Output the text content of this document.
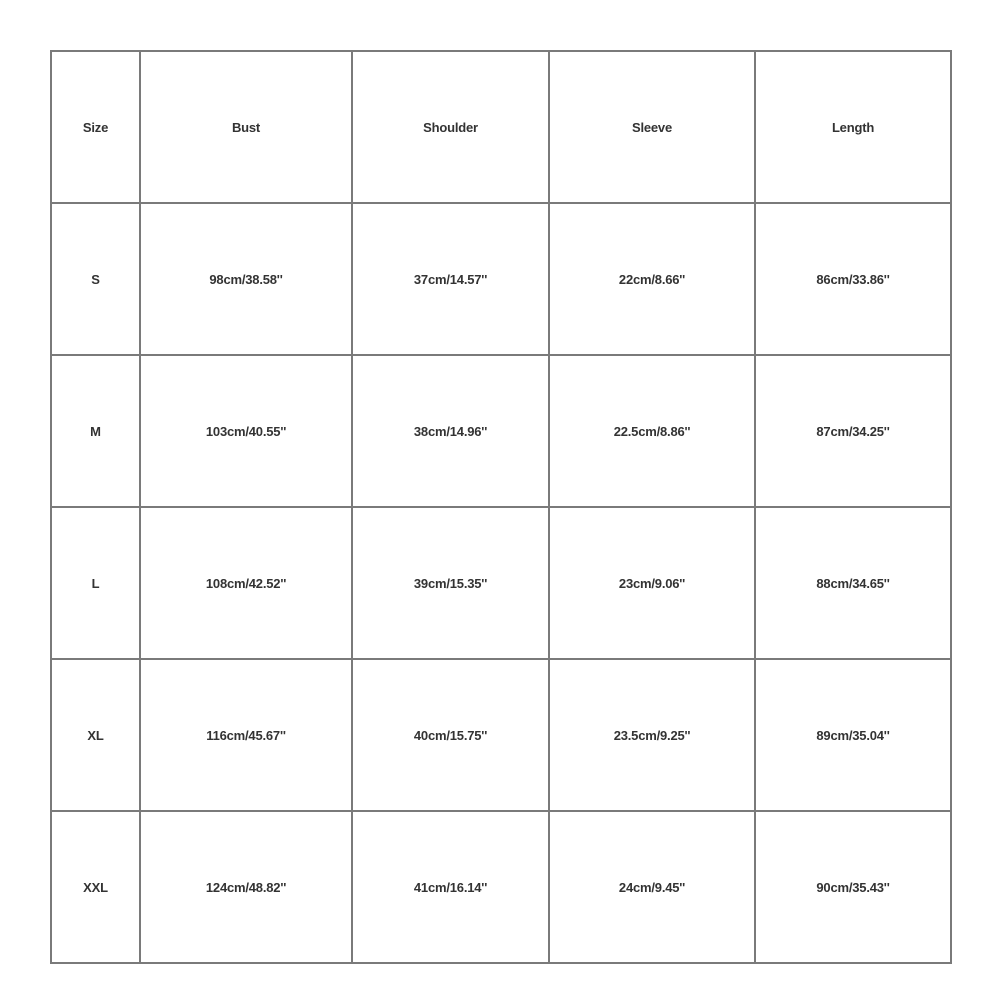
Size	Bust	Shoulder	Sleeve	Length
S	98cm/38.58''	37cm/14.57''	22cm/8.66''	86cm/33.86''
M	103cm/40.55''	38cm/14.96''	22.5cm/8.86''	87cm/34.25''
L	108cm/42.52''	39cm/15.35''	23cm/9.06''	88cm/34.65''
XL	116cm/45.67''	40cm/15.75''	23.5cm/9.25''	89cm/35.04''
XXL	124cm/48.82''	41cm/16.14''	24cm/9.45''	90cm/35.43''
